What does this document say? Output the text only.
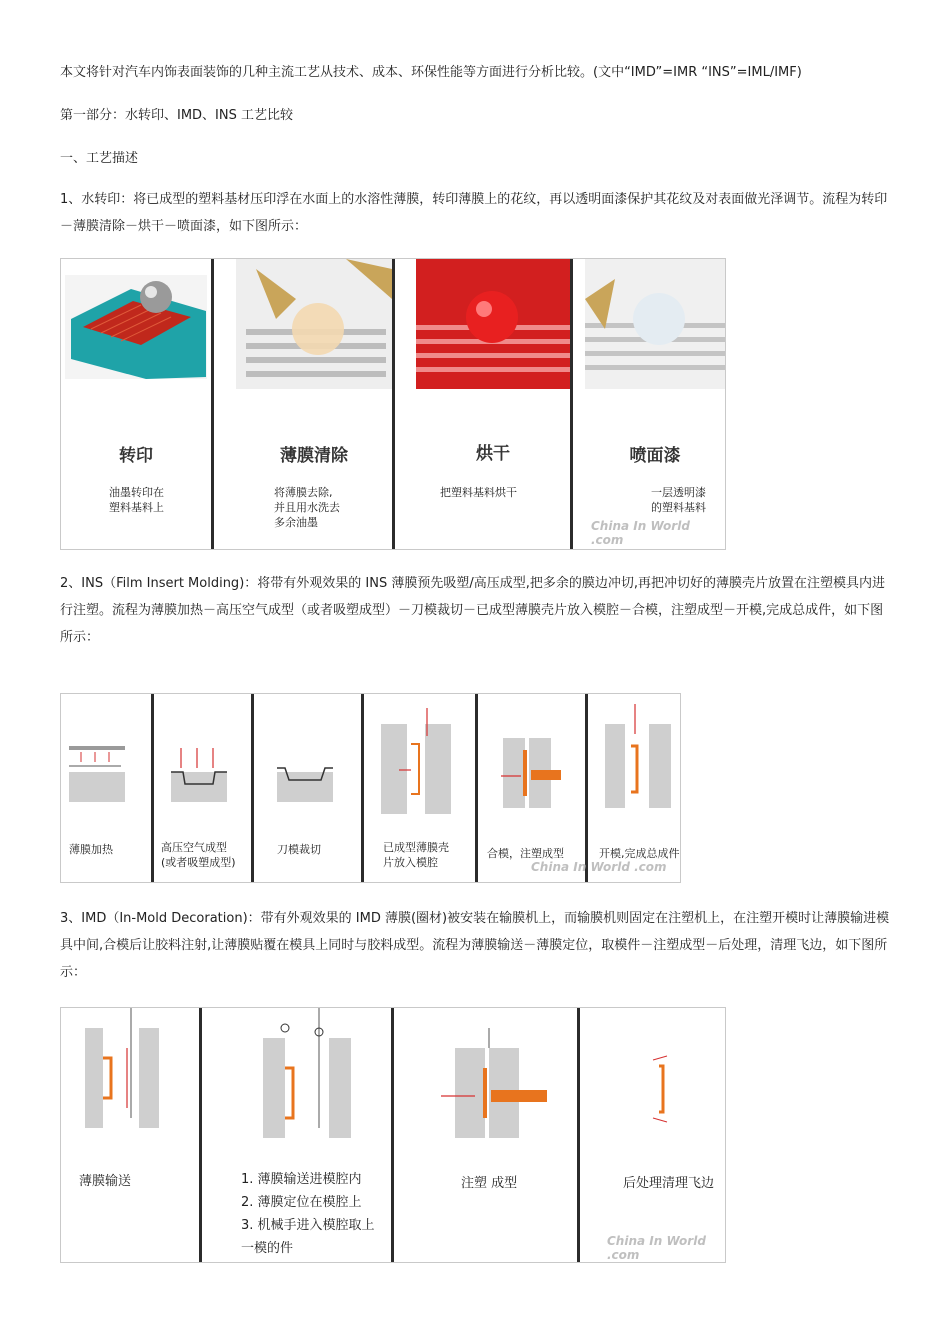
本文将针对汽车内饰表面装饰的几种主流工艺从技术、成本、环保性能等方面进行分析比较。(文中“IMD”=IMR “INS”=IML/IMF)
第一部分：水转印、IMD、INS 工艺比较
一、工艺描述
1、水转印：将已成型的塑料基材压印浮在水面上的水溶性薄膜，转印薄膜上的花纹，再以透明面漆保护其花纹及对表面做光泽调节。流程为转印－薄膜清除－烘干－喷面漆，如下图所示：
转印
油墨转印在
塑料基料上
薄膜清除
将薄膜去除,
并且用水洗去
多余油墨
烘干
把塑料基料烘干
喷面漆
一层透明漆
的塑料基料
China In World .com
2、INS（Film Insert Molding)：将带有外观效果的 INS 薄膜预先吸塑/高压成型,把多余的膜边冲切,再把冲切好的薄膜壳片放置在注塑模具内进行注塑。流程为薄膜加热－高压空气成型（或者吸塑成型）－刀模裁切－已成型薄膜壳片放入模腔－合模，注塑成型－开模,完成总成件，如下图所示：
薄膜加热	高压空气成型
(或者吸塑成型)
刀模裁切	已成型薄膜壳
片放入模腔
合模，注塑成型	开模,完成总成件
China In World .com
3、IMD（In-Mold Decoration)：带有外观效果的 IMD 薄膜(圈材)被安装在输膜机上，而输膜机则固定在注塑机上，在注塑开模时让薄膜输进模具中间,合模后让胶料注射,让薄膜贴覆在模具上同时与胶料成型。流程为薄膜输送－薄膜定位，取模件－注塑成型－后处理，清理飞边，如下图所示：
薄膜输送	1. 薄膜输送进模腔内
2. 薄膜定位在模腔上
3. 机械手进入模腔取上
一模的件
注塑 成型	后处理清理飞边
China In World .com
